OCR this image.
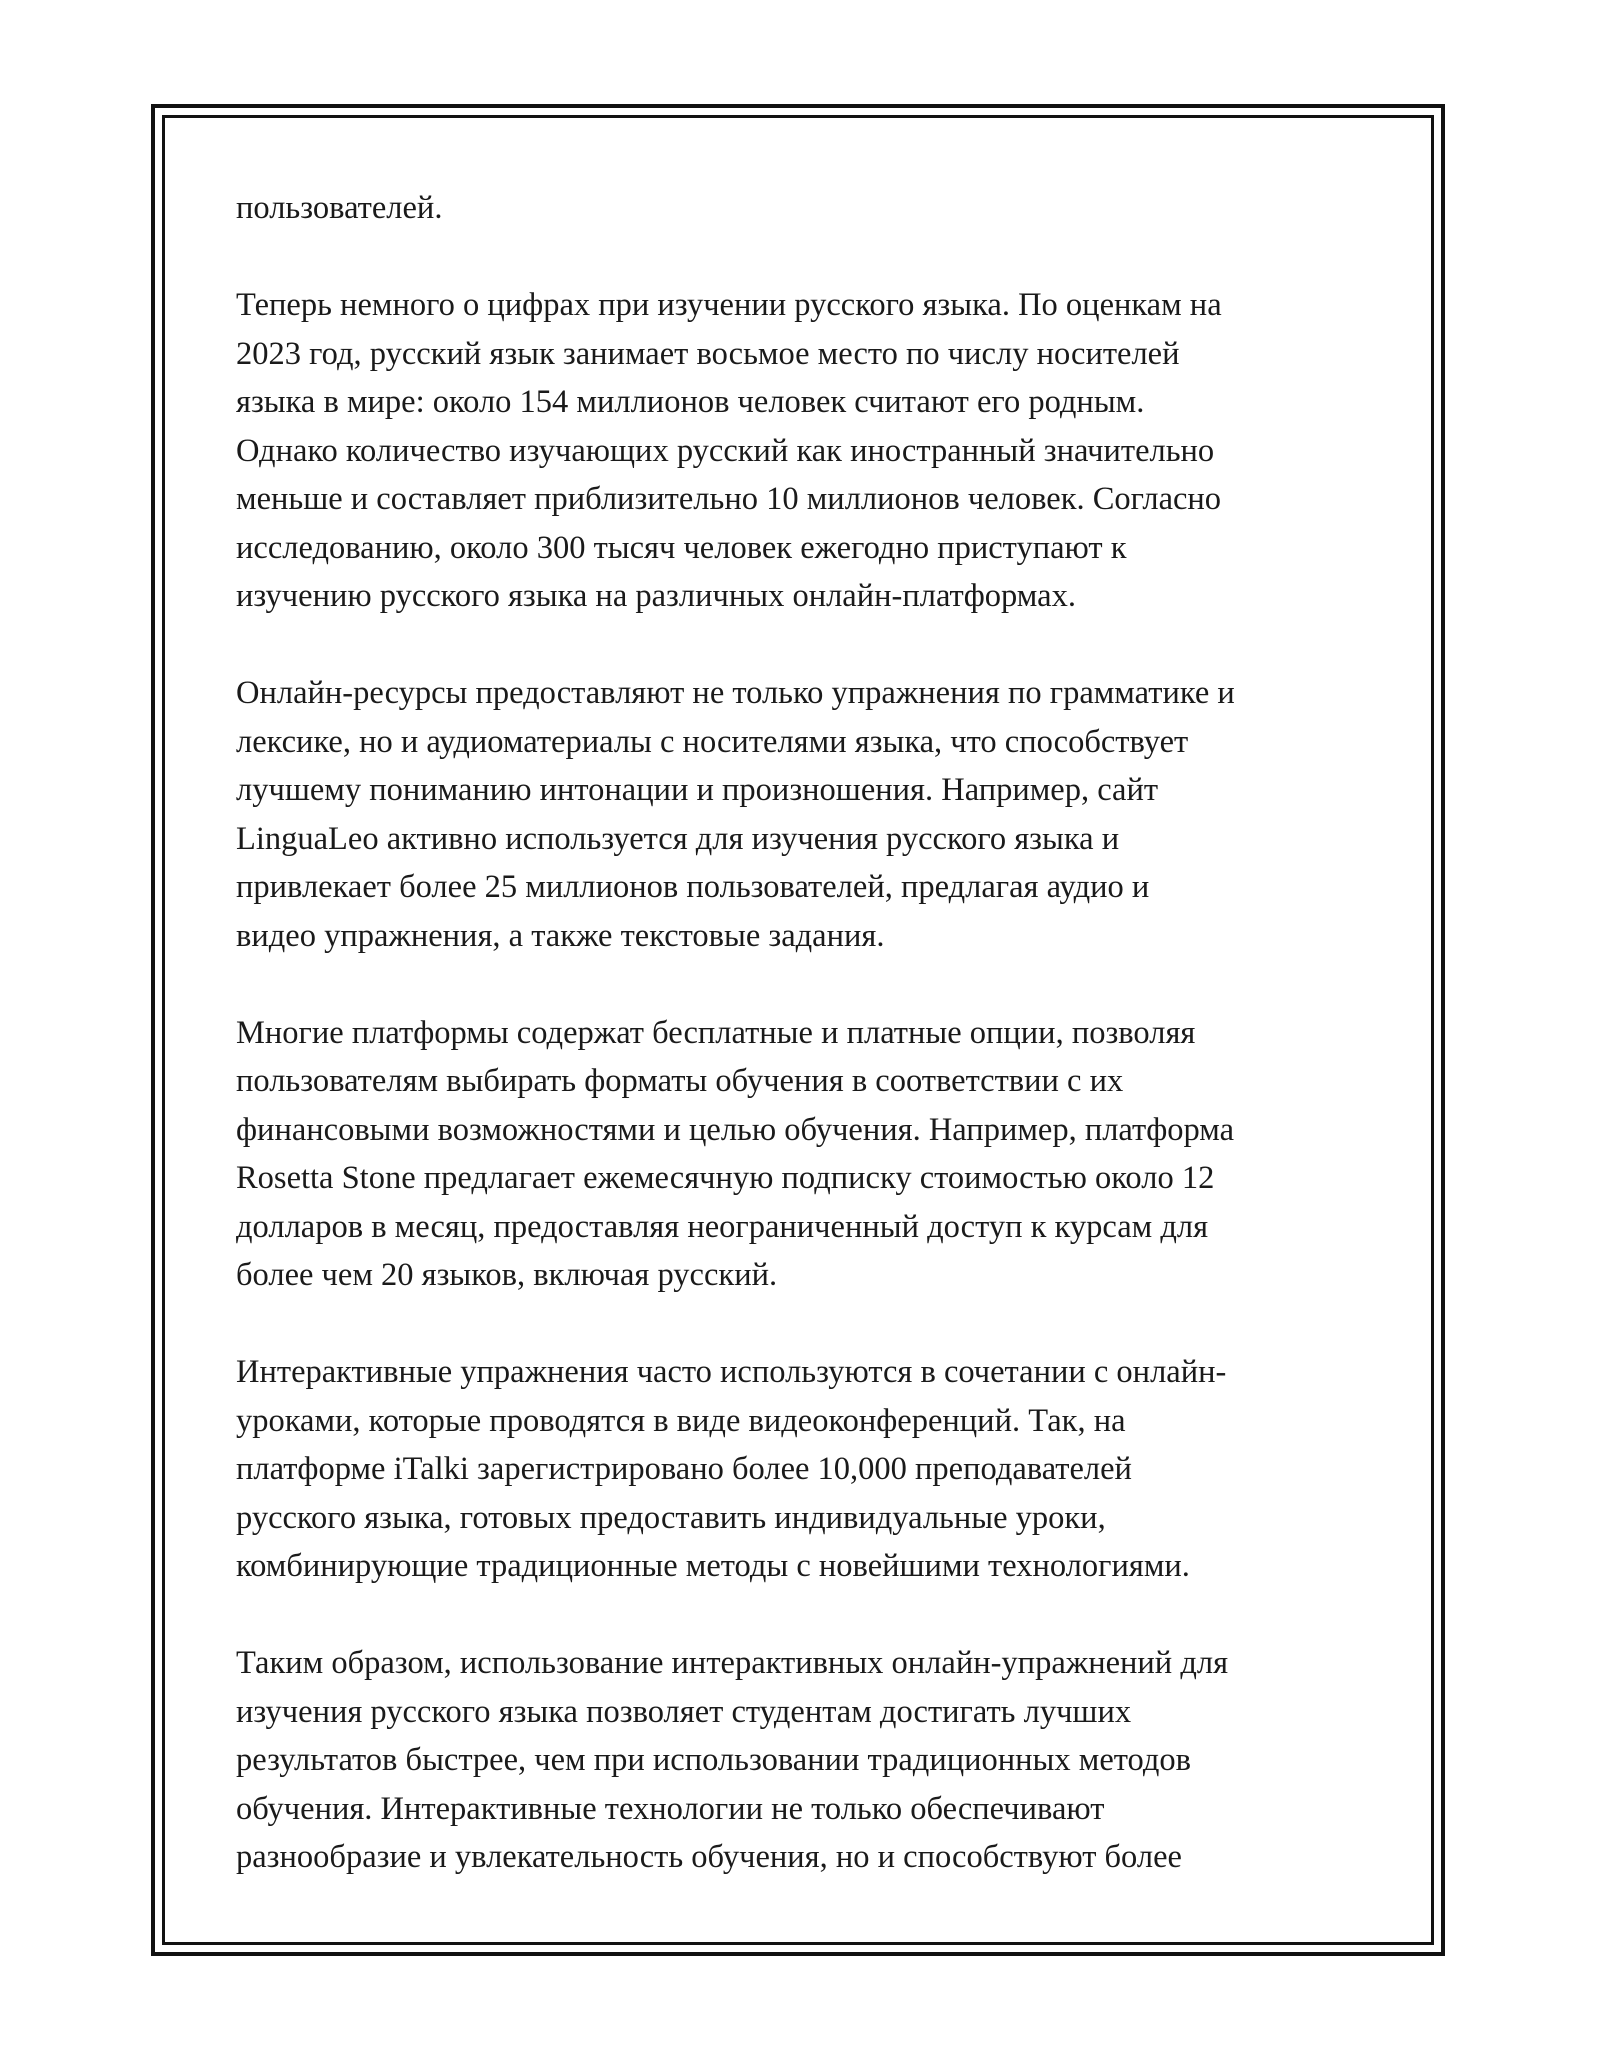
пользователей.

Теперь немного о цифрах при изучении русского языка. По оценкам на
2023 год, русский язык занимает восьмое место по числу носителей
языка в мире: около 154 миллионов человек считают его родным.
Однако количество изучающих русский как иностранный значительно
меньше и составляет приблизительно 10 миллионов человек. Согласно
исследованию, около 300 тысяч человек ежегодно приступают к
изучению русского языка на различных онлайн-платформах.

Онлайн-ресурсы предоставляют не только упражнения по грамматике и
лексике, но и аудиоматериалы с носителями языка, что способствует
лучшему пониманию интонации и произношения. Например, сайт
LinguaLeo активно используется для изучения русского языка и
привлекает более 25 миллионов пользователей, предлагая аудио и
видео упражнения, а также текстовые задания.

Многие платформы содержат бесплатные и платные опции, позволяя
пользователям выбирать форматы обучения в соответствии с их
финансовыми возможностями и целью обучения. Например, платформа
Rosetta Stone предлагает ежемесячную подписку стоимостью около 12
долларов в месяц, предоставляя неограниченный доступ к курсам для
более чем 20 языков, включая русский.

Интерактивные упражнения часто используются в сочетании с онлайн-
уроками, которые проводятся в виде видеоконференций. Так, на
платформе iTalki зарегистрировано более 10,000 преподавателей
русского языка, готовых предоставить индивидуальные уроки,
комбинирующие традиционные методы с новейшими технологиями.

Таким образом, использование интерактивных онлайн-упражнений для
изучения русского языка позволяет студентам достигать лучших
результатов быстрее, чем при использовании традиционных методов
обучения. Интерактивные технологии не только обеспечивают
разнообразие и увлекательность обучения, но и способствуют более
